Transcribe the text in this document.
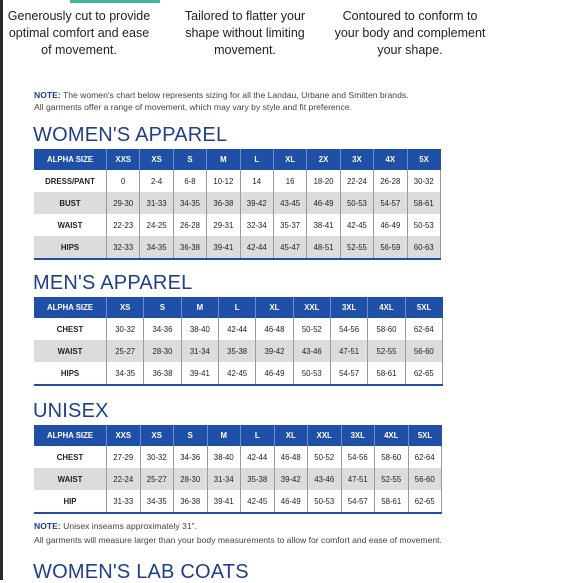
Generously cut to provide optimal comfort and ease of movement.
Tailored to flatter your shape without limiting movement.
Contoured to conform to your body and complement your shape.
NOTE: The women's chart below represents sizing for all the Landau, Urbane and Smitten brands.
All garments offer a range of movement, which may vary by style and fit preference.
WOMEN'S APPAREL
ALPHA SIZE	XXS	XS	S	M	L	XL	2X	3X	4X	5X
DRESS/PANT	0	2-4	6-8	10-12	14	16	18-20	22-24	26-28	30-32
BUST	29-30	31-33	34-35	36-38	39-42	43-45	46-49	50-53	54-57	58-61
WAIST	22-23	24-25	26-28	29-31	32-34	35-37	38-41	42-45	46-49	50-53
HIPS	32-33	34-35	36-38	39-41	42-44	45-47	48-51	52-55	56-59	60-63
MEN'S APPAREL
ALPHA SIZE	XS	S	M	L	XL	XXL	3XL	4XL	5XL
CHEST	30-32	34-36	38-40	42-44	46-48	50-52	54-56	58-60	62-64
WAIST	25-27	28-30	31-34	35-38	39-42	43-46	47-51	52-55	56-60
HIPS	34-35	36-38	39-41	42-45	46-49	50-53	54-57	58-61	62-65
UNISEX
ALPHA SIZE	XXS	XS	S	M	L	XL	XXL	3XL	4XL	5XL
CHEST	27-29	30-32	34-36	38-40	42-44	46-48	50-52	54-56	58-60	62-64
WAIST	22-24	25-27	28-30	31-34	35-38	39-42	43-46	47-51	52-55	56-60
HIP	31-33	34-35	36-38	39-41	42-45	46-49	50-53	54-57	58-61	62-65
NOTE: Unisex inseams approximately 31".
All garments will measure larger than your body measurements to allow for comfort and ease of movement.
WOMEN'S LAB COATS
